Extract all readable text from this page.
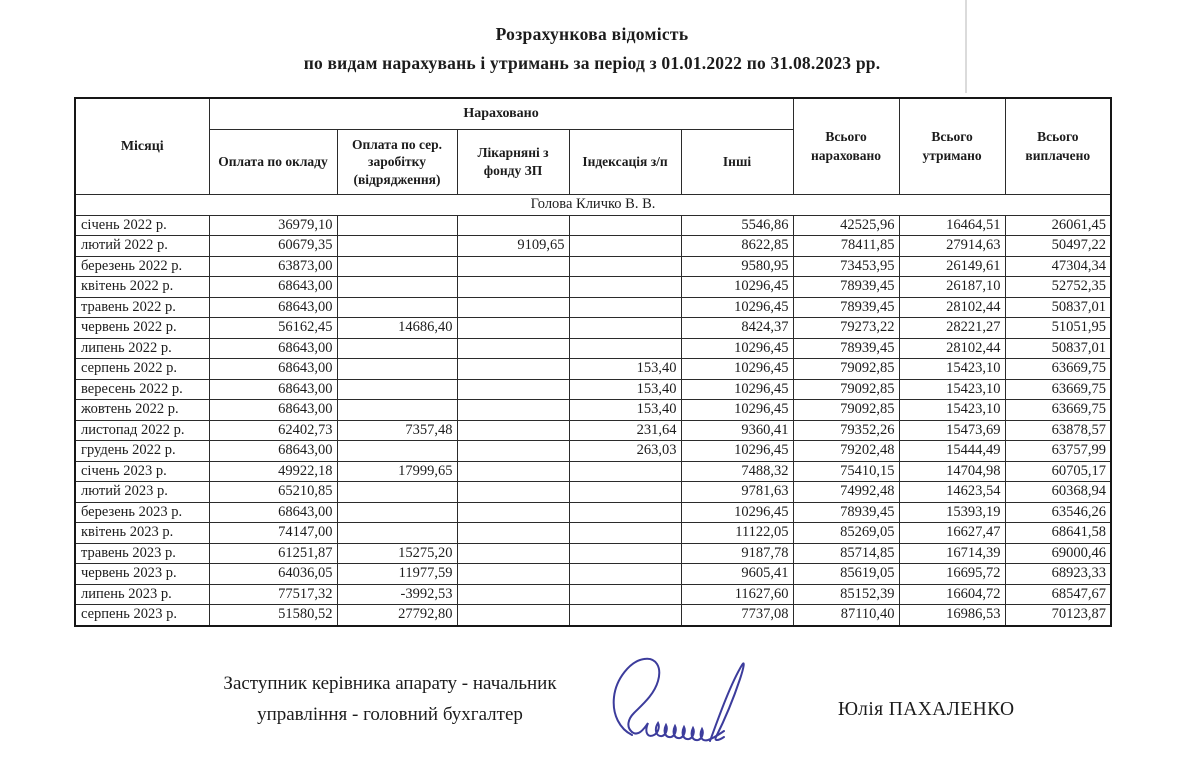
Розрахункова відомість
по видам нарахувань і утримань за період з 01.01.2022 по 31.08.2023 рр.
Місяці	Нараховано					Всього нараховано	Всього утримано	Всього виплачено
	Оплата по окладу	Оплата по сер. заробітку (відрядження)	Лікарняні з фонду ЗП	Індексація з/п	Інші			
Голова Кличко В. В.								
січень 2022 р.	36979,10				5546,86	42525,96	16464,51	26061,45
лютий 2022 р.	60679,35		9109,65		8622,85	78411,85	27914,63	50497,22
березень 2022 р.	63873,00				9580,95	73453,95	26149,61	47304,34
квітень 2022 р.	68643,00				10296,45	78939,45	26187,10	52752,35
травень 2022 р.	68643,00				10296,45	78939,45	28102,44	50837,01
червень 2022 р.	56162,45	14686,40			8424,37	79273,22	28221,27	51051,95
липень 2022 р.	68643,00				10296,45	78939,45	28102,44	50837,01
серпень 2022 р.	68643,00			153,40	10296,45	79092,85	15423,10	63669,75
вересень 2022 р.	68643,00			153,40	10296,45	79092,85	15423,10	63669,75
жовтень 2022 р.	68643,00			153,40	10296,45	79092,85	15423,10	63669,75
листопад 2022 р.	62402,73	7357,48		231,64	9360,41	79352,26	15473,69	63878,57
грудень 2022 р.	68643,00			263,03	10296,45	79202,48	15444,49	63757,99
січень 2023 р.	49922,18	17999,65			7488,32	75410,15	14704,98	60705,17
лютий 2023 р.	65210,85				9781,63	74992,48	14623,54	60368,94
березень 2023 р.	68643,00				10296,45	78939,45	15393,19	63546,26
квітень 2023 р.	74147,00				11122,05	85269,05	16627,47	68641,58
травень 2023 р.	61251,87	15275,20			9187,78	85714,85	16714,39	69000,46
червень 2023 р.	64036,05	11977,59			9605,41	85619,05	16695,72	68923,33
липень 2023 р.	77517,32	-3992,53			11627,60	85152,39	16604,72	68547,67
серпень 2023 р.	51580,52	27792,80			7737,08	87110,40	16986,53	70123,87
Заступник керівника апарату - начальник
управління - головний бухгалтер	Юлія ПАХАЛЕНКО
